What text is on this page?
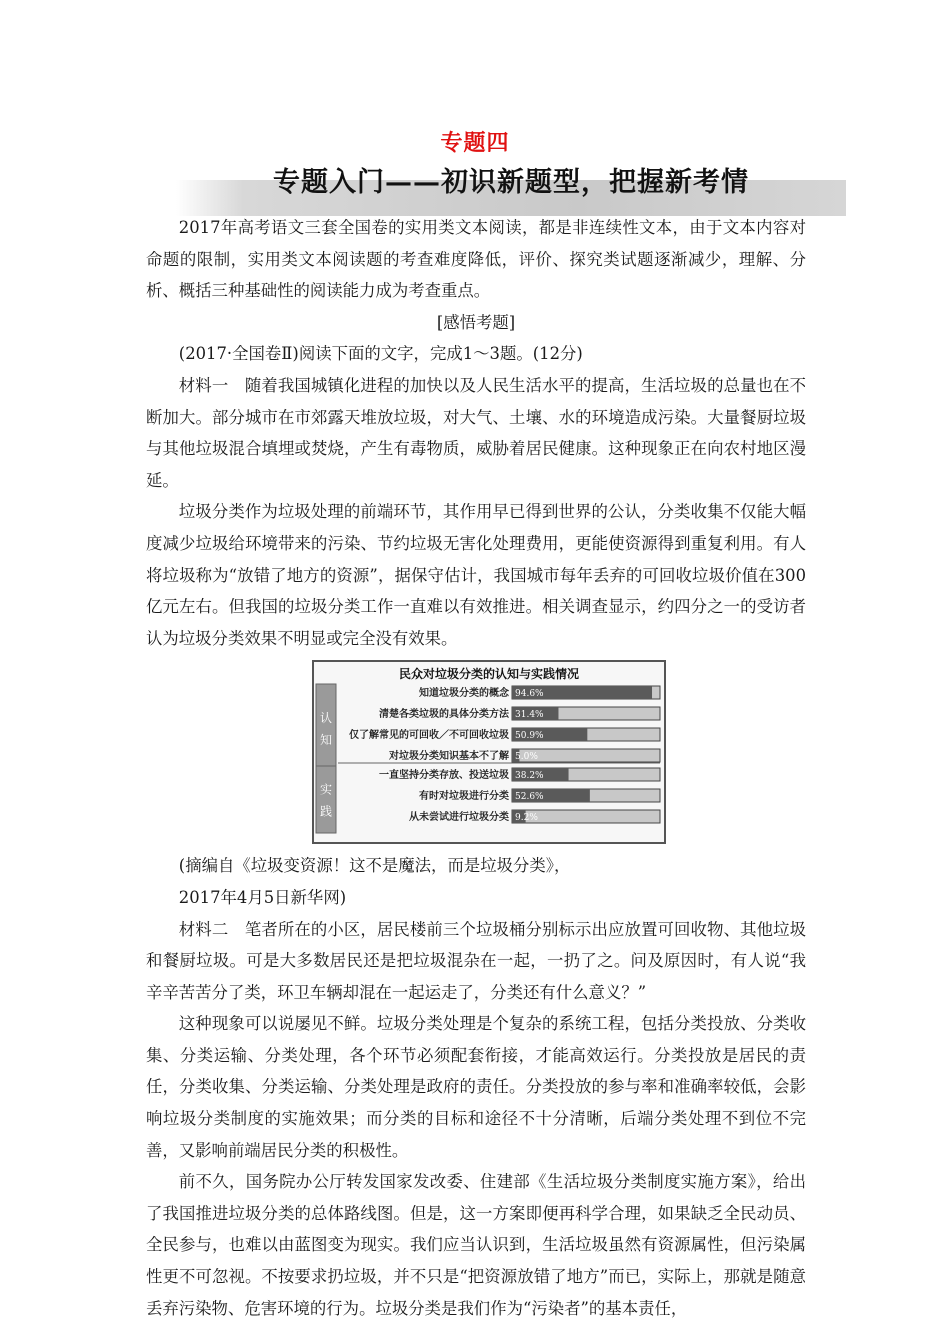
专题四
专题入门——初识新题型，把握新考情

2017年高考语文三套全国卷的实用类文本阅读，都是非连续性文本，由于文本内容对命题的限制，实用类文本阅读题的考查难度降低，评价、探究类试题逐渐减少，理解、分析、概括三种基础性的阅读能力成为考查重点。

[感悟考题]

(2017·全国卷Ⅱ)阅读下面的文字，完成1～3题。(12分)

材料一　随着我国城镇化进程的加快以及人民生活水平的提高，生活垃圾的总量也在不断加大。部分城市在市郊露天堆放垃圾，对大气、土壤、水的环境造成污染。大量餐厨垃圾与其他垃圾混合填埋或焚烧，产生有毒物质，威胁着居民健康。这种现象正在向农村地区漫延。

垃圾分类作为垃圾处理的前端环节，其作用早已得到世界的公认，分类收集不仅能大幅度减少垃圾给环境带来的污染、节约垃圾无害化处理费用，更能使资源得到重复利用。有人将垃圾称为“放错了地方的资源”，据保守估计，我国城市每年丢弃的可回收垃圾价值在300亿元左右。但我国的垃圾分类工作一直难以有效推进。相关调查显示，约四分之一的受访者认为垃圾分类效果不明显或完全没有效果。

民众对垃圾分类的认知与实践情况
认
知
知道垃圾分类的概念 94.6%
清楚各类垃圾的具体分类方法 31.4%
仅了解常见的可回收／不可回收垃圾 50.9%
对垃圾分类知识基本不了解 5.0%
实
践
一直坚持分类存放、投送垃圾 38.2%
有时对垃圾进行分类 52.6%
从未尝试进行垃圾分类 9.2%

(摘编自《垃圾变资源！这不是魔法，而是垃圾分类》，

2017年4月5日新华网)

材料二　笔者所在的小区，居民楼前三个垃圾桶分别标示出应放置可回收物、其他垃圾和餐厨垃圾。可是大多数居民还是把垃圾混杂在一起，一扔了之。问及原因时，有人说“我辛辛苦苦分了类，环卫车辆却混在一起运走了，分类还有什么意义？”

这种现象可以说屡见不鲜。垃圾分类处理是个复杂的系统工程，包括分类投放、分类收集、分类运输、分类处理，各个环节必须配套衔接，才能高效运行。分类投放是居民的责任，分类收集、分类运输、分类处理是政府的责任。分类投放的参与率和准确率较低，会影响垃圾分类制度的实施效果；而分类的目标和途径不十分清晰，后端分类处理不到位不完善，又影响前端居民分类的积极性。

前不久，国务院办公厅转发国家发改委、住建部《生活垃圾分类制度实施方案》，给出了我国推进垃圾分类的总体路线图。但是，这一方案即便再科学合理，如果缺乏全民动员、全民参与，也难以由蓝图变为现实。我们应当认识到，生活垃圾虽然有资源属性，但污染属性更不可忽视。不按要求扔垃圾，并不只是“把资源放错了地方”而已，实际上，那就是随意丢弃污染物、危害环境的行为。垃圾分类是我们作为“污染者”的基本责任，
